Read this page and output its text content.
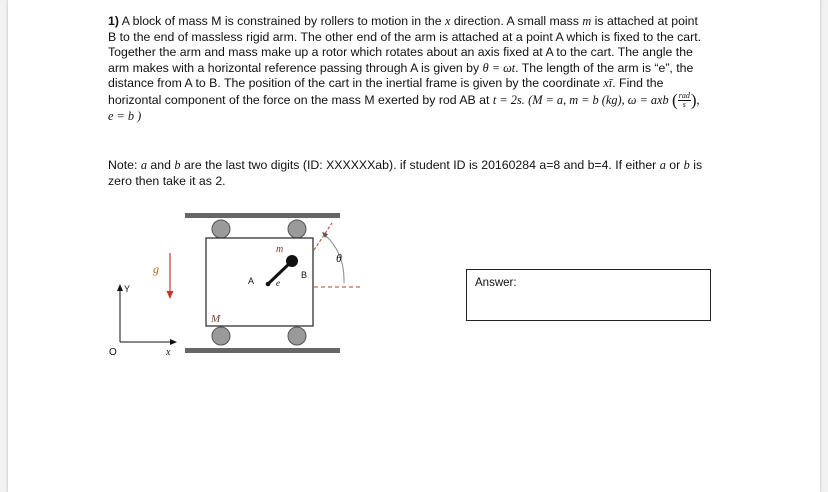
1) A block of mass M is constrained by rollers to motion in the x direction. A small mass m is attached at point B to the end of massless rigid arm. The other end of the arm is attached at a point A which is fixed to the cart. Together the arm and mass make up a rotor which rotates about an axis fixed at A to the cart. The angle the arm makes with a horizontal reference passing through A is given by θ = ωt. The length of the arm is “e”, the distance from A to B. The position of the cart in the inertial frame is given by the coordinate xī. Find the horizontal component of the force on the mass M exerted by rod AB at t = 2s. (M = a, m = b (kg), ω = axb ( $\frac{\text{rad}}{s}$ ), e = b )

Note: a and b are the last two digits (ID: XXXXXXab). if student ID is 20160284 a=8 and b=4. If either a or b is zero then take it as 2.

m
B
A e
θ
g
M
Y
O	x
Answer:
